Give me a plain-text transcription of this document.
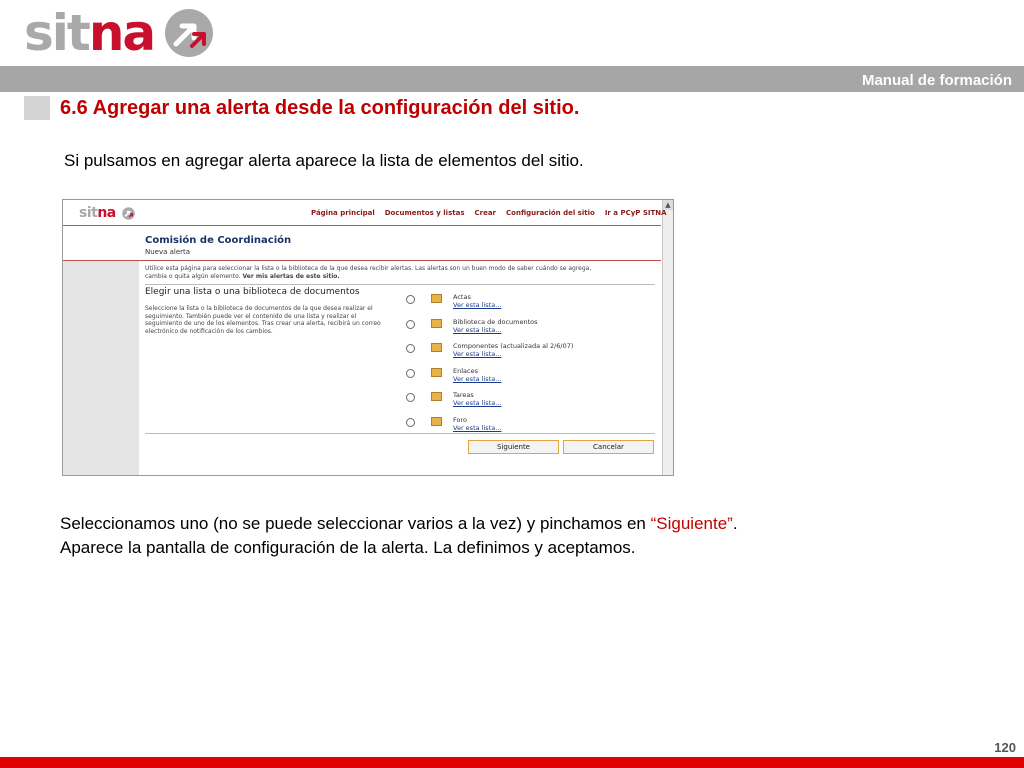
sitna
Manual de formación
6.6 Agregar una alerta desde la configuración del sitio.
Si pulsamos en agregar alerta aparece la lista de elementos del sitio.
▲
sitna	Página principal Documentos y listas Crear Configuración del sitio Ir a PCyP SITNA
Comisión de Coordinación
Nueva alerta
Utilice esta página para seleccionar la lista o la biblioteca de la que desea recibir alertas. Las alertas son un buen modo de saber cuándo se agrega,
cambia o quita algún elemento. Ver mis alertas de este sitio.
Elegir una lista o una biblioteca de documentos
Seleccione la lista o la biblioteca de documentos de la que desea realizar el seguimiento. También puede ver el contenido de una lista y realizar el seguimiento de uno de los elementos. Tras crear una alerta, recibirá un correo electrónico de notificación de los cambios.
Actas
Ver esta lista...
Biblioteca de documentos
Ver esta lista...
Componentes (actualizada al 2/6/07)
Ver esta lista...
Enlaces
Ver esta lista...
Tareas
Ver esta lista...
Foro
Ver esta lista...
Siguiente	Cancelar
Seleccionamos uno (no se puede seleccionar varios a la vez) y pinchamos en “Siguiente”.
Aparece la pantalla de configuración de la alerta. La definimos y aceptamos.
120
